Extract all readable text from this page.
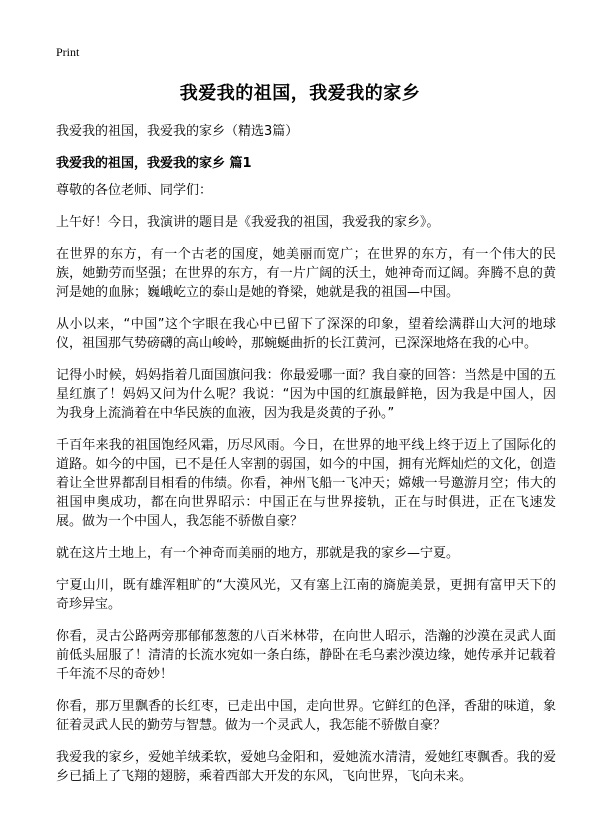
Print
我爱我的祖国，我爱我的家乡

我爱我的祖国，我爱我的家乡（精选3篇）

我爱我的祖国，我爱我的家乡 篇1

尊敬的各位老师、同学们：

上午好！今日，我演讲的题目是《我爱我的祖国，我爱我的家乡》。

在世界的东方，有一个古老的国度，她美丽而宽广；在世界的东方，有一个伟大的民族，她勤劳而坚强；在世界的东方，有一片广阔的沃土，她神奇而辽阔。奔腾不息的黄河是她的血脉；巍峨屹立的泰山是她的脊梁，她就是我的祖国—中国。

从小以来，“中国”这个字眼在我心中已留下了深深的印象，望着绘满群山大河的地球仪，祖国那气势磅礴的高山峻岭，那蜿蜒曲折的长江黄河，已深深地烙在我的心中。

记得小时候，妈妈指着几面国旗问我：你最爱哪一面？我自豪的回答：当然是中国的五星红旗了！妈妈又问为什么呢？我说：“因为中国的红旗最鲜艳，因为我是中国人，因为我身上流淌着在中华民族的血液，因为我是炎黄的子孙。”

千百年来我的祖国饱经风霜，历尽风雨。今日，在世界的地平线上终于迈上了国际化的道路。如今的中国，已不是任人宰割的弱国，如今的中国，拥有光辉灿烂的文化，创造着让全世界都刮目相看的伟绩。你看，神州飞船一飞冲天；嫦娥一号邀游月空；伟大的祖国申奥成功，都在向世界昭示：中国正在与世界接轨，正在与时俱进，正在飞速发展。做为一个中国人，我怎能不骄傲自豪？

就在这片土地上，有一个神奇而美丽的地方，那就是我的家乡—宁夏。

宁夏山川，既有雄浑粗旷的“大漠风光，又有塞上江南的旖旎美景，更拥有富甲天下的奇珍异宝。

你看，灵古公路两旁那郁郁葱葱的八百米林带，在向世人昭示，浩瀚的沙漠在灵武人面前低头屈服了！清清的长流水宛如一条白练，静卧在毛乌素沙漠边缘，她传承并记载着千年流不尽的奇妙！

你看，那万里飘香的长红枣，已走出中国，走向世界。它鲜红的色泽，香甜的味道，象征着灵武人民的勤劳与智慧。做为一个灵武人，我怎能不骄傲自豪？

我爱我的家乡，爱她羊绒柔软，爱她乌金阳和，爱她流水清清，爱她红枣飘香。我的爱乡已插上了飞翔的翅膀，乘着西部大开发的东风，飞向世界，飞向未来。
